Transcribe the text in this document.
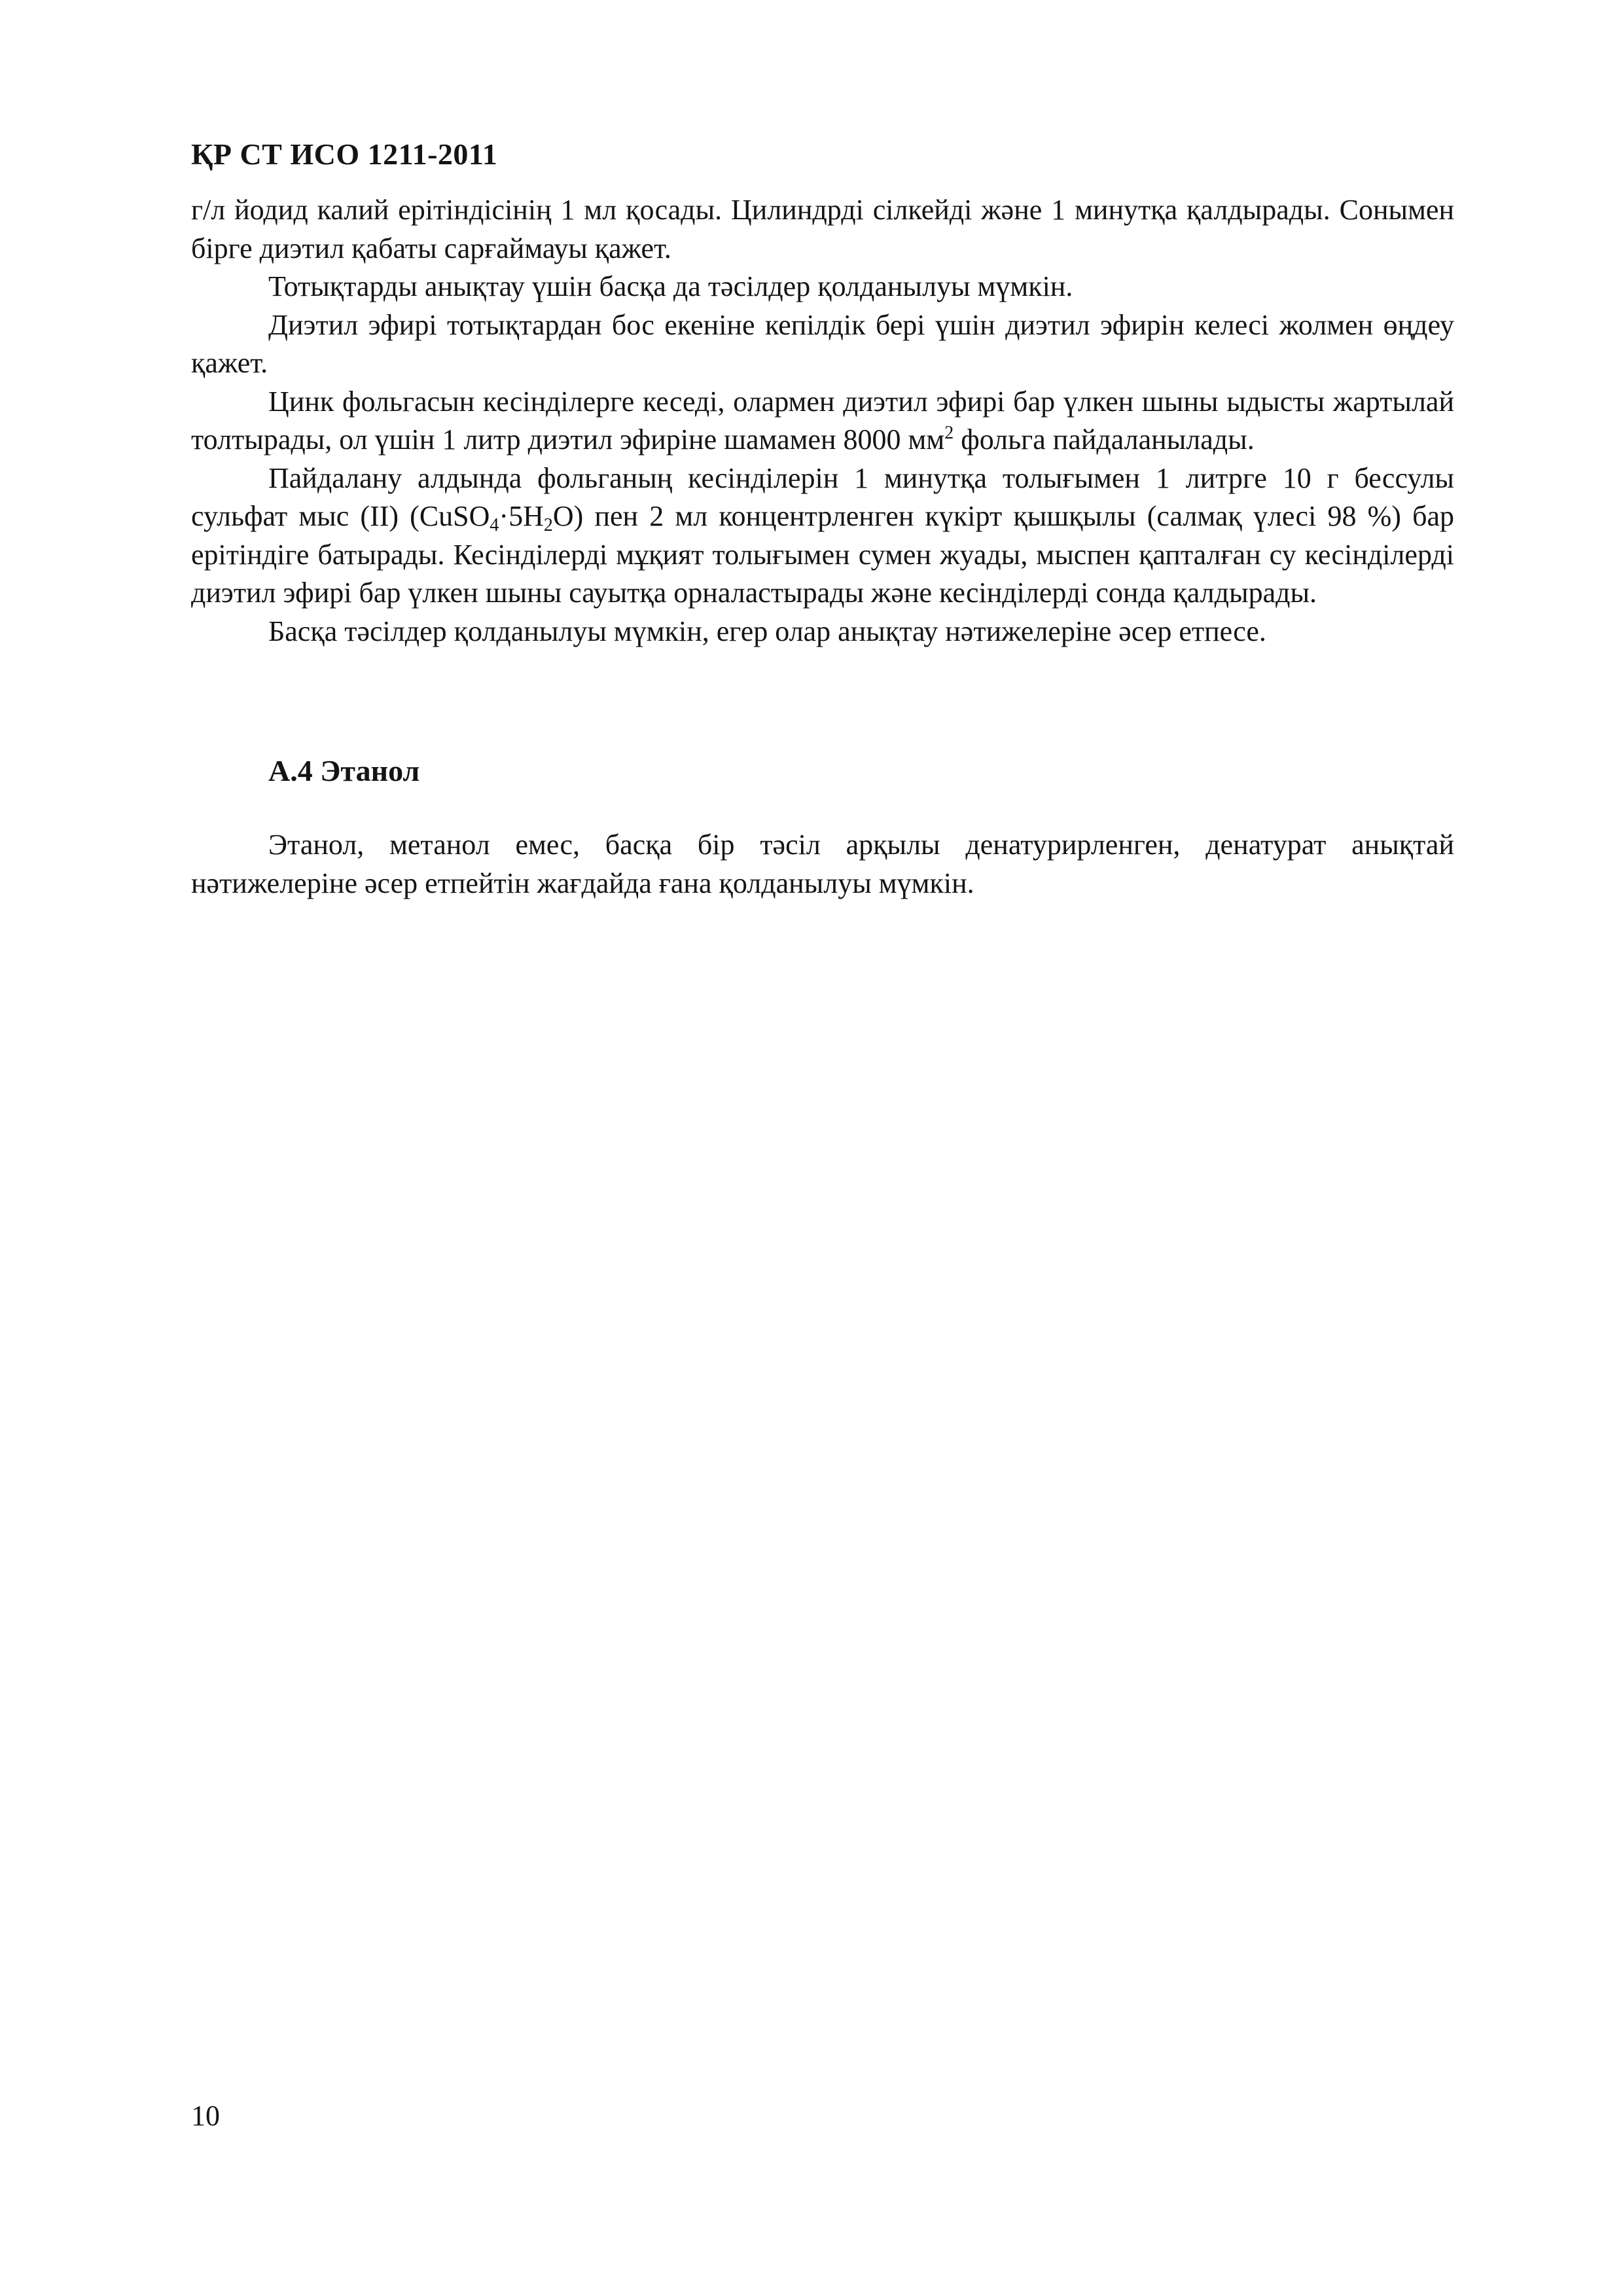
ҚР СТ ИСО 1211-2011

г/л йодид калий ерітіндісінің 1 мл қосады. Цилиндрді сілкейді және 1 минутқа қалдырады. Сонымен бірге диэтил қабаты сарғаймауы қажет.

Тотықтарды анықтау үшін басқа да тәсілдер қолданылуы мүмкін.

Диэтил эфирі тотықтардан бос екеніне кепілдік бері үшін диэтил эфирін келесі жолмен өңдеу қажет.

Цинк фольгасын кесінділерге кеседі, олармен диэтил эфирі бар үлкен шыны ыдысты жартылай толтырады, ол үшін 1 литр диэтил эфиріне шамамен 8000 $мм^2$ фольга пайдаланылады.

Пайдалану алдында фольганың кесінділерін 1 минутқа толығымен 1 литрге 10 г бессулы сульфат мыс (II) $(CuSO_4\cdot 5H_2O)$ пен 2 мл концентрленген күкірт қышқылы (салмақ үлесі 98 %) бар ерітіндіге батырады. Кесінділерді мұқият толығымен сумен жуады, мыспен қапталған су кесінділерді диэтил эфирі бар үлкен шыны сауытқа орналастырады және кесінділерді сонда қалдырады.

Басқа тәсілдер қолданылуы мүмкін, егер олар анықтау нәтижелеріне әсер етпесе.

А.4 Этанол

Этанол, метанол емес, басқа бір тәсіл арқылы денатурирленген, денатурат анықтай нәтижелеріне әсер етпейтін жағдайда ғана қолданылуы мүмкін.

10
